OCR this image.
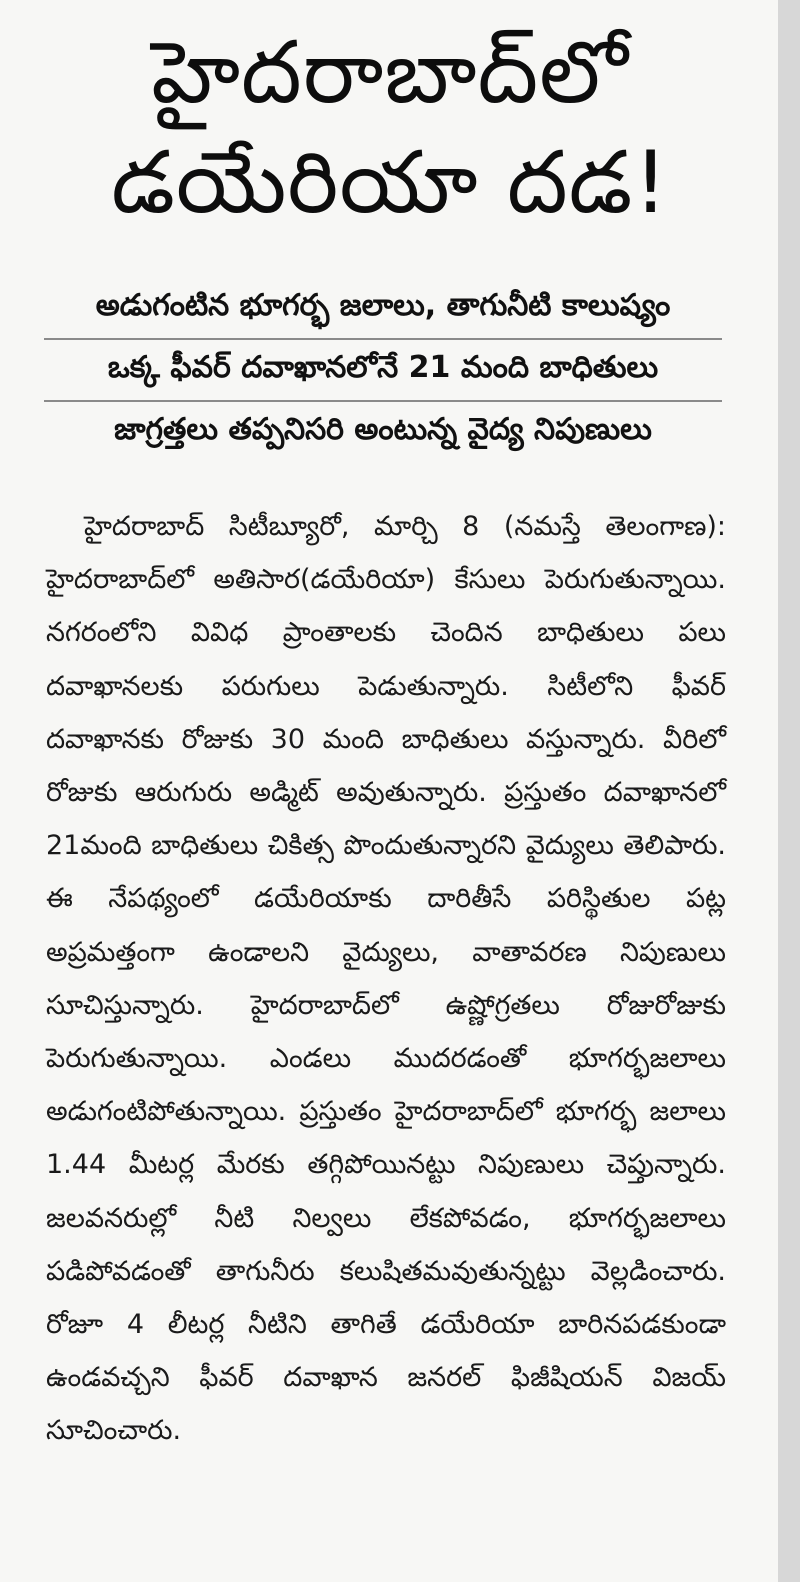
హైదరాబాద్‌లో
డయేరియా దడ!
అడుగంటిన భూగర్భ జలాలు, తాగునీటి కాలుష్యం
ఒక్క ఫీవర్‌ దవాఖానలోనే 21 మంది బాధితులు
జాగ్రత్తలు తప్పనిసరి అంటున్న వైద్య నిపుణులు

హైదరాబాద్‌ సిటీబ్యూరో, మార్చి 8 (నమస్తే తెలంగాణ): హైదరాబాద్‌లో అతిసార(డయేరియా) కేసులు పెరుగుతున్నాయి. నగరంలోని వివిధ ప్రాంతాలకు చెందిన బాధితులు పలు దవాఖానలకు పరుగులు పెడుతున్నారు. సిటీలోని ఫీవర్‌ దవాఖానకు రోజుకు 30 మంది బాధితులు వస్తున్నారు. వీరిలో రోజుకు ఆరుగురు అడ్మిట్‌ అవుతున్నారు. ప్రస్తుతం దవాఖానలో 21మంది బాధితులు చికిత్స పొందుతున్నారని వైద్యులు తెలిపారు. ఈ నేపథ్యంలో డయేరియాకు దారితీసే పరిస్థితుల పట్ల అప్రమత్తంగా ఉండాలని వైద్యులు, వాతావరణ నిపుణులు సూచిస్తున్నారు. హైదరాబాద్‌లో ఉష్ణోగ్రతలు రోజురోజుకు పెరుగుతున్నాయి. ఎండలు ముదరడంతో భూగర్భజలాలు అడుగంటిపోతున్నాయి. ప్రస్తుతం హైదరాబాద్‌లో భూగర్భ జలాలు 1.44 మీటర్ల మేరకు తగ్గిపోయినట్టు నిపుణులు చెప్తున్నారు. జలవనరుల్లో నీటి నిల్వలు లేకపోవడం, భూగర్భజలాలు పడిపోవడంతో తాగునీరు కలుషితమవుతున్నట్టు వెల్లడించారు. రోజూ 4 లీటర్ల నీటిని తాగితే డయేరియా బారినపడకుండా ఉండవచ్చని ఫీవర్‌ దవాఖాన జనరల్‌ ఫిజీషియన్‌ విజయ్‌ సూచించారు.
